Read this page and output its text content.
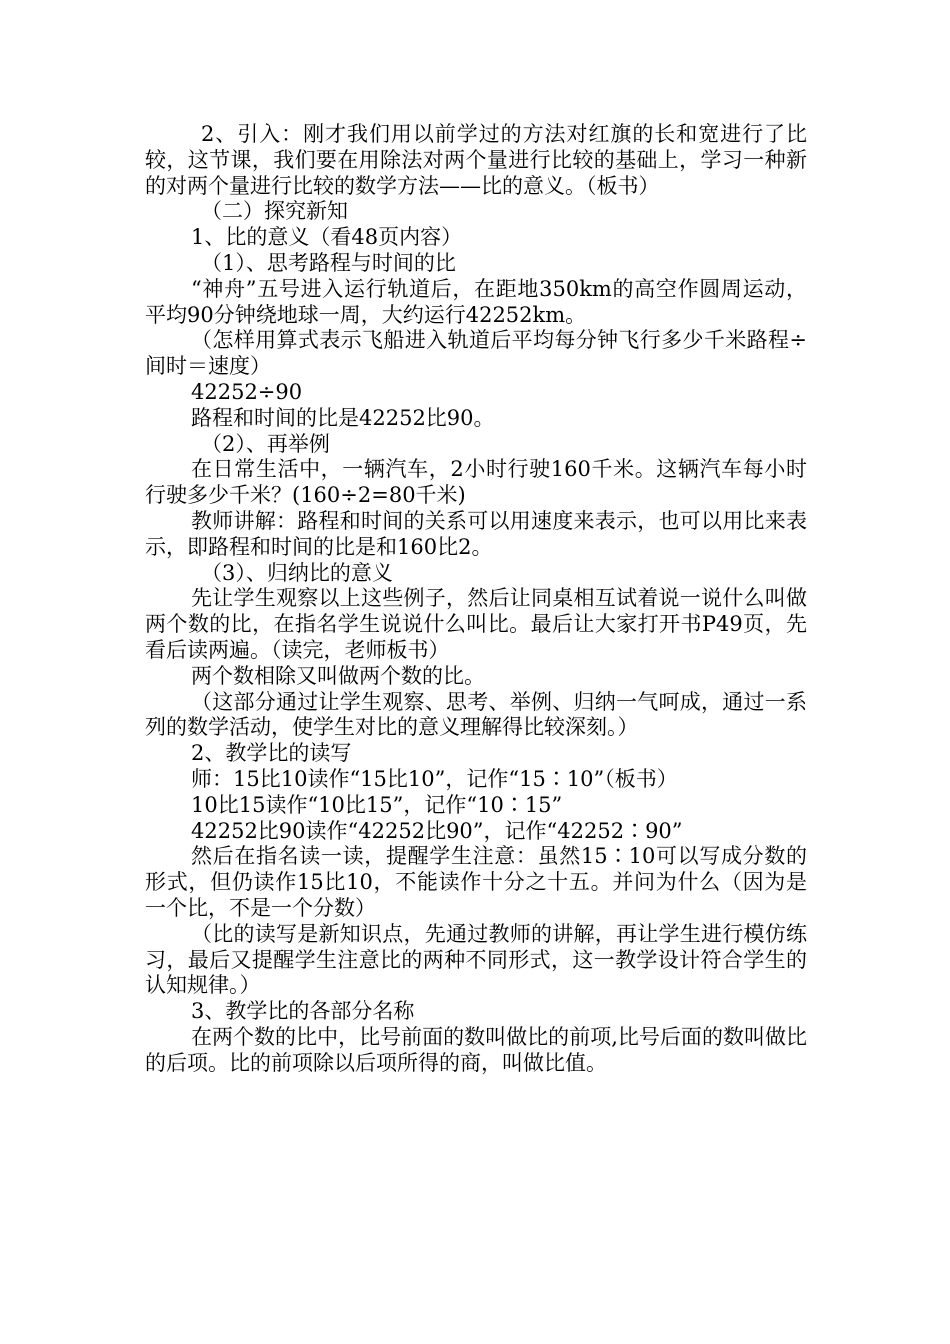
2、引入：刚才我们用以前学过的方法对红旗的长和宽进行了比较，这节课，我们要在用除法对两个量进行比较的基础上，学习一种新的对两个量进行比较的数学方法——比的意义。（板书）

（二）探究新知

1、比的意义（看48页内容）

（1）、思考路程与时间的比

“神舟”五号进入运行轨道后，在距地350km的高空作圆周运动，平均90分钟绕地球一周，大约运行42252km。

（怎样用算式表示飞船进入轨道后平均每分钟飞行多少千米路程÷间时＝速度）

42252÷90

路程和时间的比是42252比90。

（2）、再举例

在日常生活中，一辆汽车，2小时行驶160千米。这辆汽车每小时行驶多少千米？(160÷2=80千米)

教师讲解：路程和时间的关系可以用速度来表示，也可以用比来表示，即路程和时间的比是和160比2。

（3）、归纳比的意义

先让学生观察以上这些例子，然后让同桌相互试着说一说什么叫做两个数的比，在指名学生说说什么叫比。最后让大家打开书P49页，先看后读两遍。（读完，老师板书）

两个数相除又叫做两个数的比。

（这部分通过让学生观察、思考、举例、归纳一气呵成，通过一系列的数学活动，使学生对比的意义理解得比较深刻。）

2、教学比的读写

师：15比10读作“15比10”，记作“15∶10”（板书）

10比15读作“10比15”，记作“10∶15”

42252比90读作“42252比90”，记作“42252∶90”

然后在指名读一读，提醒学生注意：虽然15∶10可以写成分数的形式，但仍读作15比10，不能读作十分之十五。并问为什么（因为是一个比，不是一个分数）

（比的读写是新知识点，先通过教师的讲解，再让学生进行模仿练习，最后又提醒学生注意比的两种不同形式，这一教学设计符合学生的认知规律。）

3、教学比的各部分名称

在两个数的比中，比号前面的数叫做比的前项,比号后面的数叫做比的后项。比的前项除以后项所得的商，叫做比值。
